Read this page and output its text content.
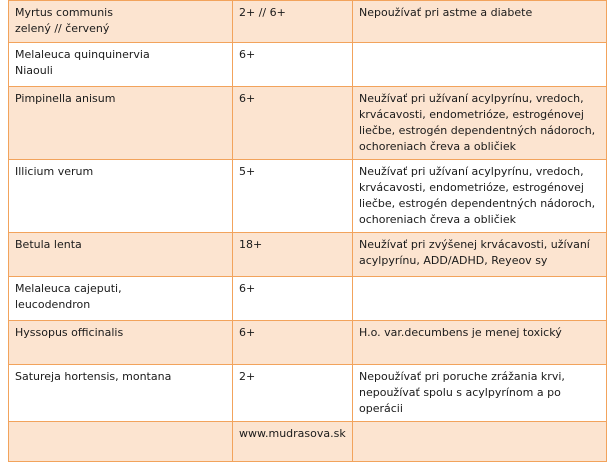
Myrtus communis
zelený // červený	2+ // 6+	Nepoužívať pri astme a diabete
Melaleuca quinquinervia
Niaouli	6+	
Pimpinella anisum	6+	Neužívať pri užívaní acylpyrínu, vredoch,
krvácavosti, endometrióze, estrogénovej
liečbe, estrogén dependentných nádoroch,
ochoreniach čreva a obličiek
Illicium verum	5+	Neužívať pri užívaní acylpyrínu, vredoch,
krvácavosti, endometrióze, estrogénovej
liečbe, estrogén dependentných nádoroch,
ochoreniach čreva a obličiek
Betula lenta	18+	Neužívať pri zvýšenej krvácavosti, užívaní
acylpyrínu, ADD/ADHD, Reyeov sy
Melaleuca cajeputi,
leucodendron	6+	
Hyssopus officinalis	6+	H.o. var.decumbens je menej toxický
Satureja hortensis, montana	2+	Nepoužívať pri poruche zrážania krvi,
nepoužívať spolu s acylpyrínom a po operácii
	www.mudrasova.sk	
